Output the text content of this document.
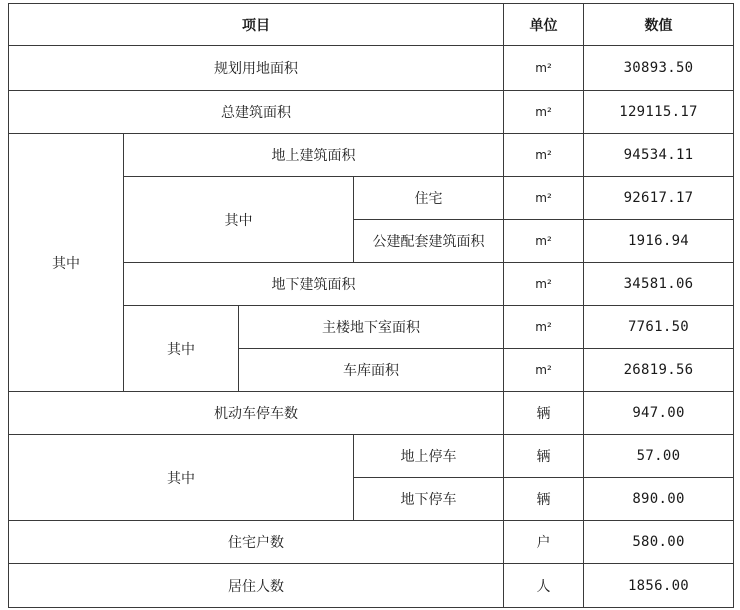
项目				单位	数值
规划用地面积				m²	30893.50
总建筑面积				m²	129115.17
其中	地上建筑面积			m²	94534.11
	其中		住宅	m²	92617.17
			公建配套建筑面积	m²	1916.94
	地下建筑面积			m²	34581.06
	其中	主楼地下室面积		m²	7761.50
		车库面积		m²	26819.56
机动车停车数				辆	947.00
其中			地上停车	辆	57.00
			地下停车	辆	890.00
住宅户数				户	580.00
居住人数				人	1856.00
